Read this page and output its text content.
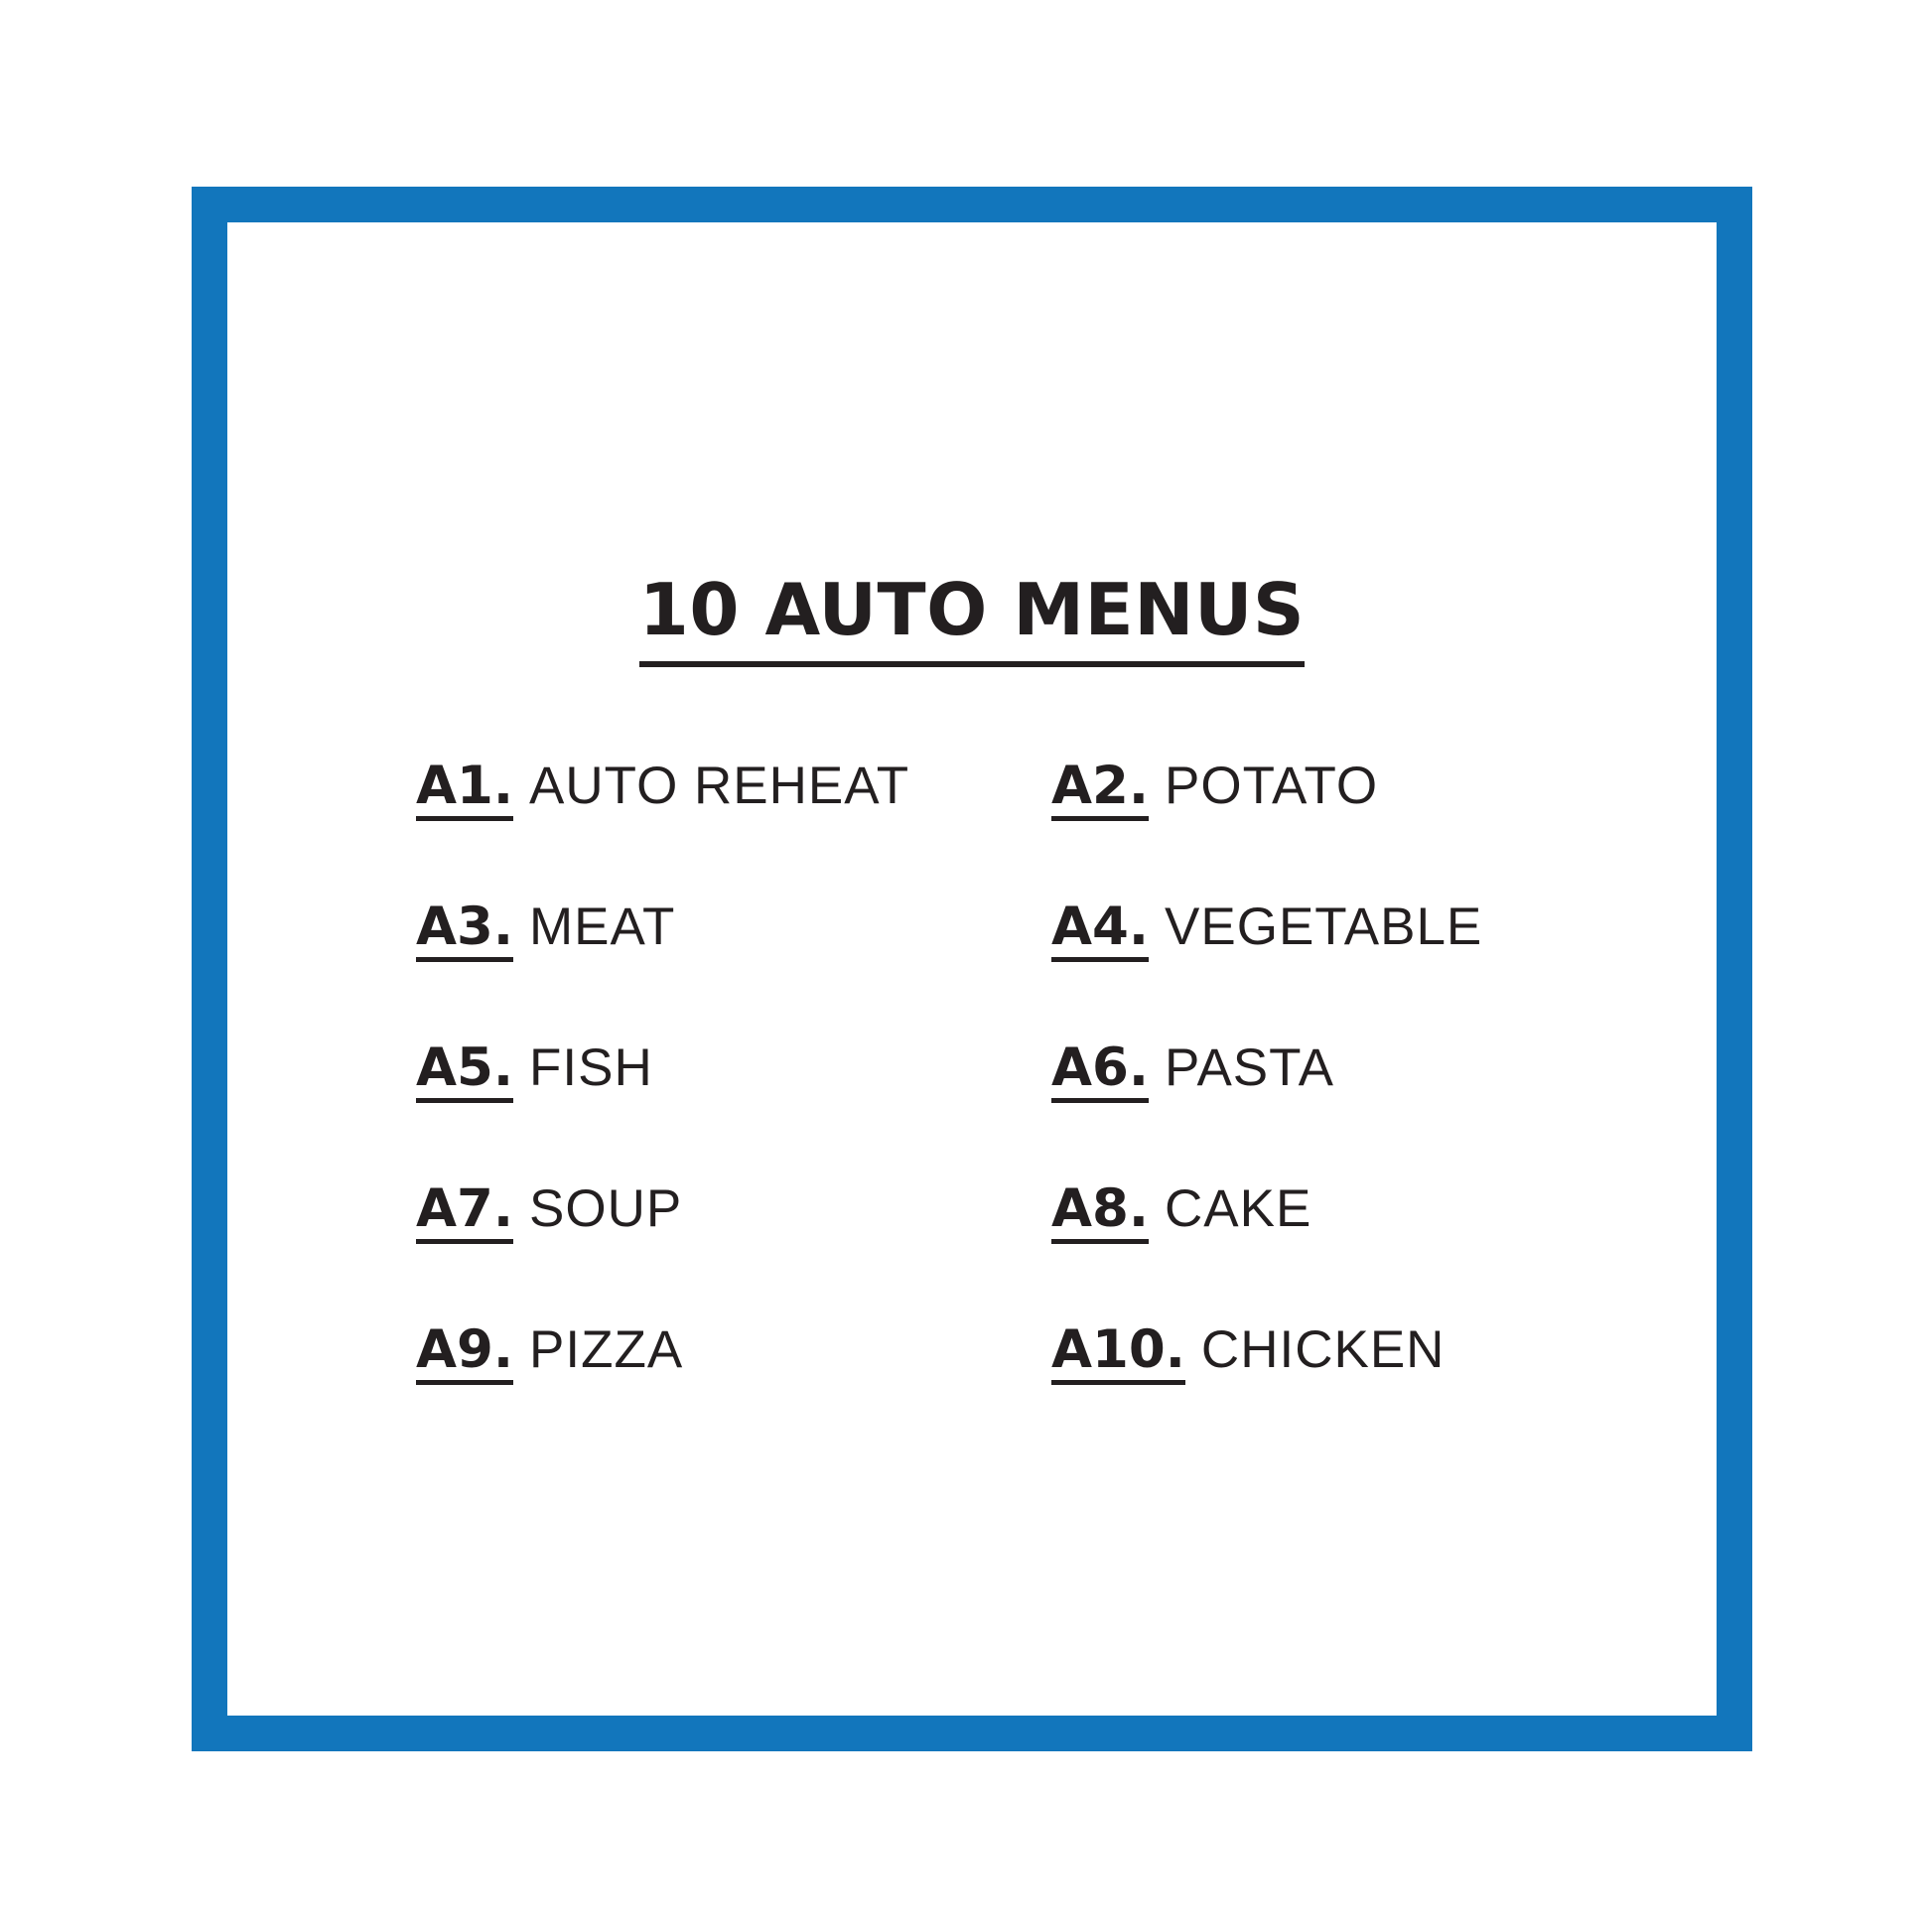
10 AUTO MENUS
A1. AUTO REHEAT	A2. POTATO
A3. MEAT	A4. VEGETABLE
A5. FISH	A6. PASTA
A7. SOUP	A8. CAKE
A9. PIZZA	A10. CHICKEN
